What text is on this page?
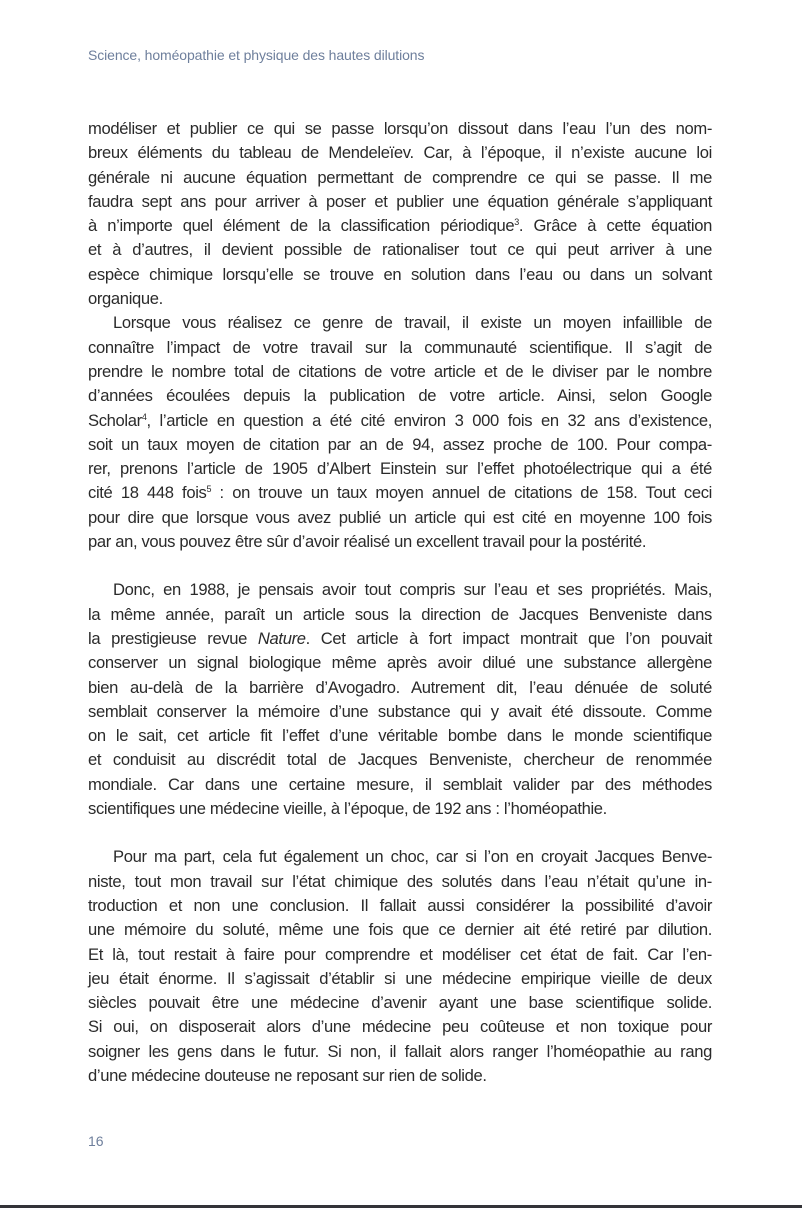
Science, homéopathie et physique des hautes dilutions
modéliser et publier ce qui se passe lorsqu’on dissout dans l’eau l’un des nom-
breux éléments du tableau de Mendeleïev. Car, à l’époque, il n’existe aucune loi
générale ni aucune équation permettant de comprendre ce qui se passe. Il me
faudra sept ans pour arriver à poser et publier une équation générale s’appliquant
à n’importe quel élément de la classification périodique$^3$. Grâce à cette équation
et à d’autres, il devient possible de rationaliser tout ce qui peut arriver à une
espèce chimique lorsqu’elle se trouve en solution dans l’eau ou dans un solvant
organique.
Lorsque vous réalisez ce genre de travail, il existe un moyen infaillible de
connaître l’impact de votre travail sur la communauté scientifique. Il s’agit de
prendre le nombre total de citations de votre article et de le diviser par le nombre
d’années écoulées depuis la publication de votre article. Ainsi, selon Google
Scholar$^4$, l’article en question a été cité environ 3 000 fois en 32 ans d’existence,
soit un taux moyen de citation par an de 94, assez proche de 100. Pour compa-
rer, prenons l’article de 1905 d’Albert Einstein sur l’effet photoélectrique qui a été
cité 18 448 fois$^5$ : on trouve un taux moyen annuel de citations de 158. Tout ceci
pour dire que lorsque vous avez publié un article qui est cité en moyenne 100 fois
par an, vous pouvez être sûr d’avoir réalisé un excellent travail pour la postérité.
Donc, en 1988, je pensais avoir tout compris sur l’eau et ses propriétés. Mais,
la même année, paraît un article sous la direction de Jacques Benveniste dans
la prestigieuse revue Nature. Cet article à fort impact montrait que l’on pouvait
conserver un signal biologique même après avoir dilué une substance allergène
bien au-delà de la barrière d’Avogadro. Autrement dit, l’eau dénuée de soluté
semblait conserver la mémoire d’une substance qui y avait été dissoute. Comme
on le sait, cet article fit l’effet d’une véritable bombe dans le monde scientifique
et conduisit au discrédit total de Jacques Benveniste, chercheur de renommée
mondiale. Car dans une certaine mesure, il semblait valider par des méthodes
scientifiques une médecine vieille, à l’époque, de 192 ans : l’homéopathie.
Pour ma part, cela fut également un choc, car si l’on en croyait Jacques Benve-
niste, tout mon travail sur l’état chimique des solutés dans l’eau n’était qu’une in-
troduction et non une conclusion. Il fallait aussi considérer la possibilité d’avoir
une mémoire du soluté, même une fois que ce dernier ait été retiré par dilution.
Et là, tout restait à faire pour comprendre et modéliser cet état de fait. Car l’en-
jeu était énorme. Il s’agissait d’établir si une médecine empirique vieille de deux
siècles pouvait être une médecine d’avenir ayant une base scientifique solide.
Si oui, on disposerait alors d’une médecine peu coûteuse et non toxique pour
soigner les gens dans le futur. Si non, il fallait alors ranger l’homéopathie au rang
d’une médecine douteuse ne reposant sur rien de solide.
16
